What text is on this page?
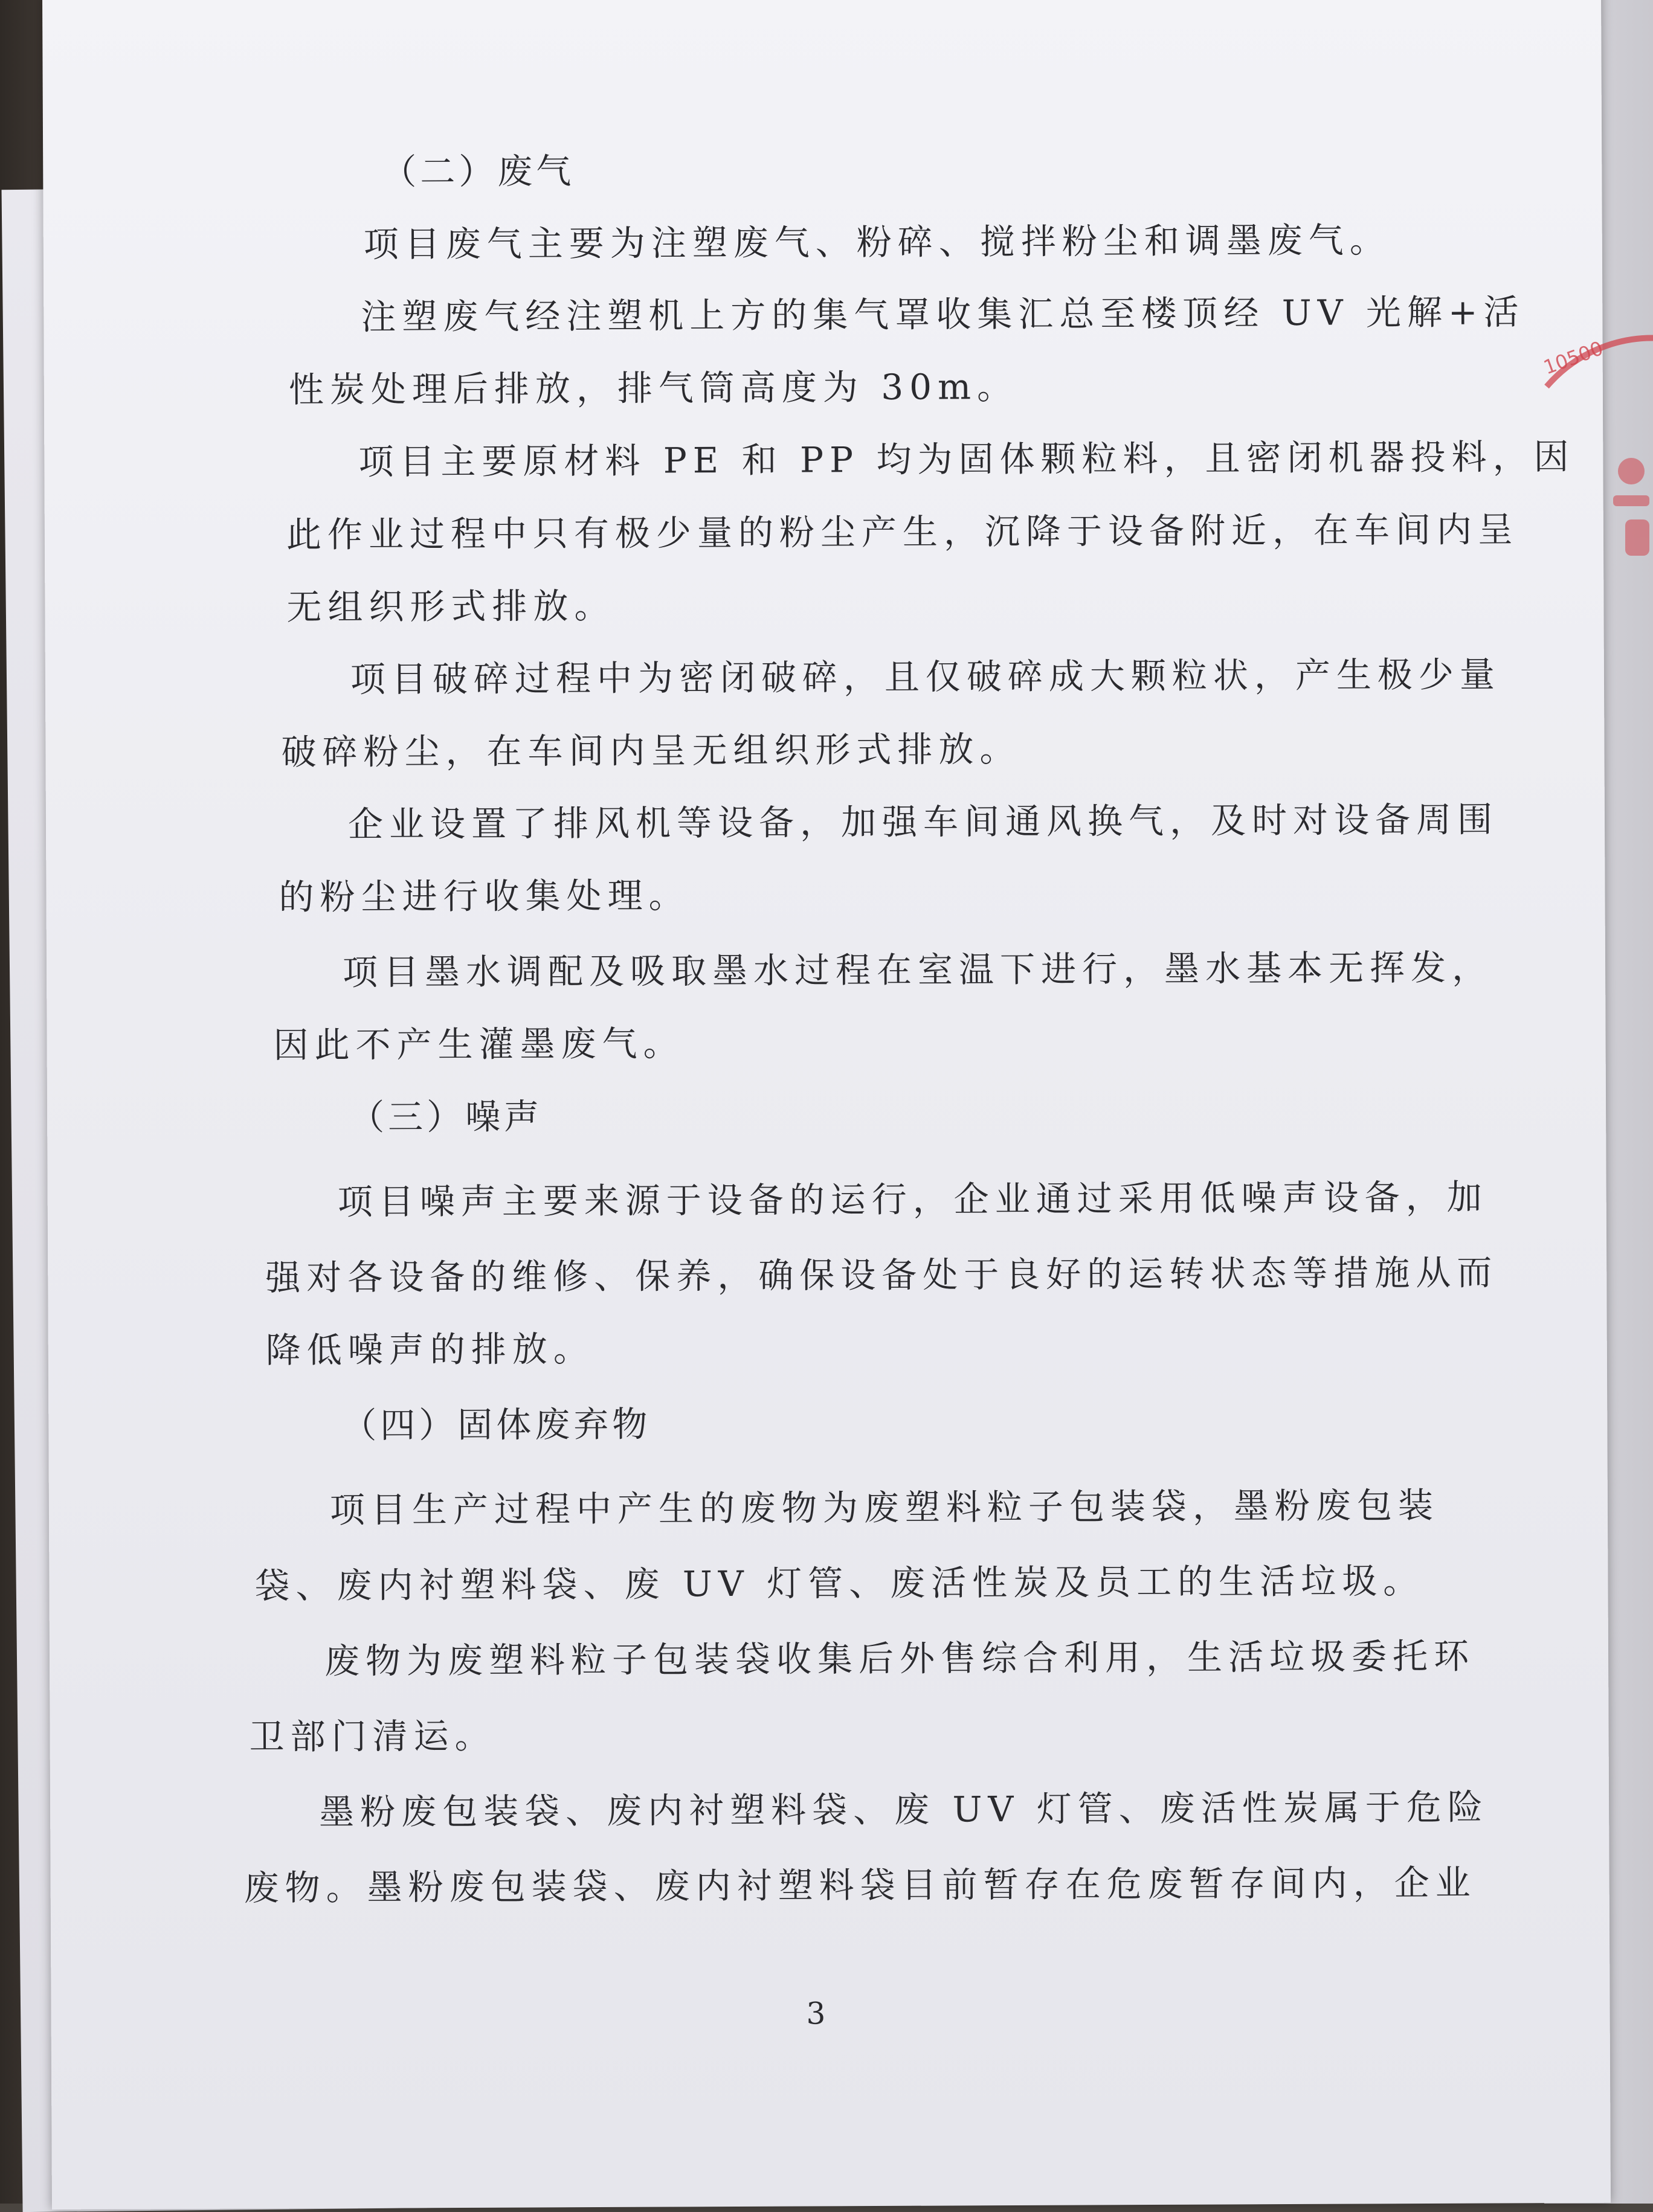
（二）废气
项目废气主要为注塑废气、粉碎、搅拌粉尘和调墨废气。
注塑废气经注塑机上方的集气罩收集汇总至楼顶经 UV 光解+活
性炭处理后排放，排气筒高度为 30m。
项目主要原材料 PE 和 PP 均为固体颗粒料，且密闭机器投料，因
此作业过程中只有极少量的粉尘产生，沉降于设备附近，在车间内呈
无组织形式排放。
项目破碎过程中为密闭破碎，且仅破碎成大颗粒状，产生极少量
破碎粉尘，在车间内呈无组织形式排放。
企业设置了排风机等设备，加强车间通风换气，及时对设备周围
的粉尘进行收集处理。
项目墨水调配及吸取墨水过程在室温下进行，墨水基本无挥发，
因此不产生灌墨废气。
（三）噪声
项目噪声主要来源于设备的运行，企业通过采用低噪声设备，加
强对各设备的维修、保养，确保设备处于良好的运转状态等措施从而
降低噪声的排放。
（四）固体废弃物
项目生产过程中产生的废物为废塑料粒子包装袋，墨粉废包装
袋、废内衬塑料袋、废 UV 灯管、废活性炭及员工的生活垃圾。
废物为废塑料粒子包装袋收集后外售综合利用，生活垃圾委托环
卫部门清运。
墨粉废包装袋、废内衬塑料袋、废 UV 灯管、废活性炭属于危险
废物。墨粉废包装袋、废内衬塑料袋目前暂存在危废暂存间内，企业
3
10500
